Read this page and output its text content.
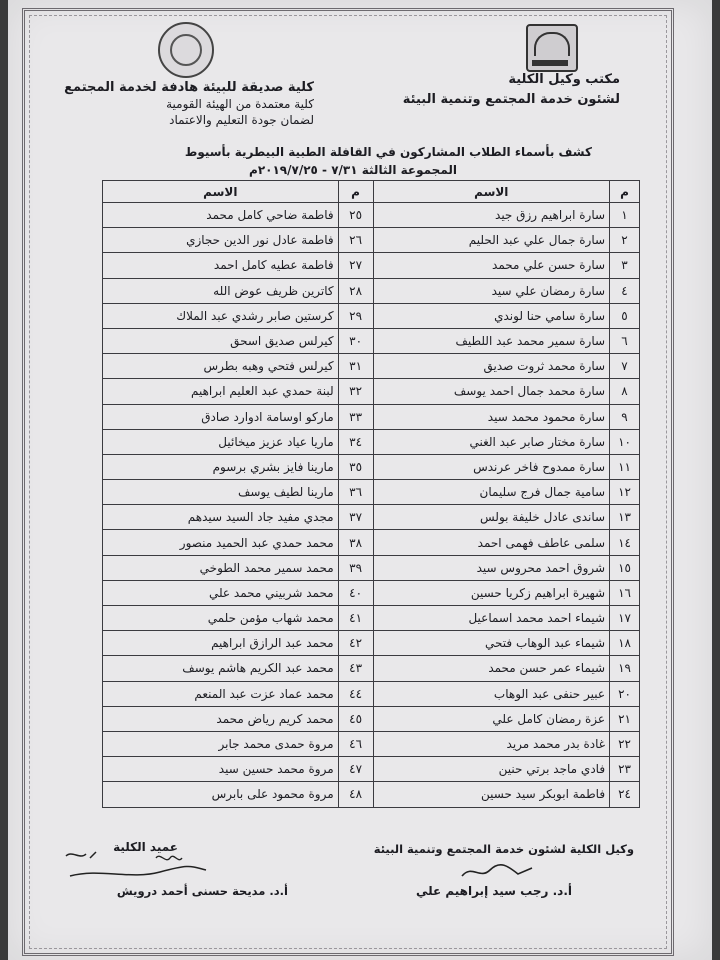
مكتب وكيل الكلية
لشئون خدمة المجتمع وتنمية البيئة
كلية صديقة للبيئة هادفة لخدمة المجتمع
كلية معتمدة من الهيئة القومية
لضمان جودة التعليم والاعتماد
كشف بأسماء الطلاب المشاركون في القافلة الطبية البيطرية بأسيوط
المجموعة الثالثة ٧/٣١ - ٢٠١٩/٧/٢٥م
م	الاسم	م	الاسم
١	سارة ابراهيم رزق جيد	٢٥	فاطمة ضاحي كامل محمد
٢	سارة جمال علي عبد الحليم	٢٦	فاطمة عادل نور الدين حجازي
٣	سارة حسن علي محمد	٢٧	فاطمة عطيه كامل احمد
٤	سارة رمضان علي سيد	٢٨	كاترين ظريف عوض الله
٥	سارة سامي حنا لوندي	٢٩	كرستين صابر رشدي عبد الملاك
٦	سارة سمير محمد عبد اللطيف	٣٠	كيرلس صديق اسحق
٧	سارة محمد ثروت صديق	٣١	كيرلس فتحي وهبه بطرس
٨	سارة محمد جمال احمد يوسف	٣٢	لبنة حمدي عبد العليم ابراهيم
٩	سارة محمود محمد سيد	٣٣	ماركو اوسامة ادوارد صادق
١٠	سارة مختار صابر عبد الغني	٣٤	ماريا عياد عزيز ميخائيل
١١	سارة ممدوح فاخر عرندس	٣٥	مارينا فايز بشري برسوم
١٢	سامية جمال فرج سليمان	٣٦	مارينا لطيف يوسف
١٣	ساندى عادل خليفة بولس	٣٧	مجدي مفيد جاد السيد سيدهم
١٤	سلمى عاطف فهمى احمد	٣٨	محمد حمدي عبد الحميد منصور
١٥	شروق احمد محروس سيد	٣٩	محمد سمير محمد الطوخي
١٦	شهيرة ابراهيم زكريا حسين	٤٠	محمد شربيني محمد علي
١٧	شيماء احمد محمد اسماعيل	٤١	محمد شهاب مؤمن حلمي
١٨	شيماء عبد الوهاب فتحي	٤٢	محمد عبد الرازق ابراهيم
١٩	شيماء عمر حسن محمد	٤٣	محمد عبد الكريم هاشم يوسف
٢٠	عبير حنفى عبد الوهاب	٤٤	محمد عماد عزت عبد المنعم
٢١	عزة رمضان كامل علي	٤٥	محمد كريم رياض محمد
٢٢	غادة بدر محمد مريد	٤٦	مروة حمدى محمد جابر
٢٣	فادي ماجد برتي حنين	٤٧	مروة محمد حسين سيد
٢٤	فاطمة ابوبكر سيد حسين	٤٨	مروة محمود على بابرس
وكيل الكلية لشئون خدمة المجتمع وتنمية البيئة
أ.د. رجب سيد إبراهيم علي
عميد الكلية
أ.د. مديحة حسنى أحمد درويش
